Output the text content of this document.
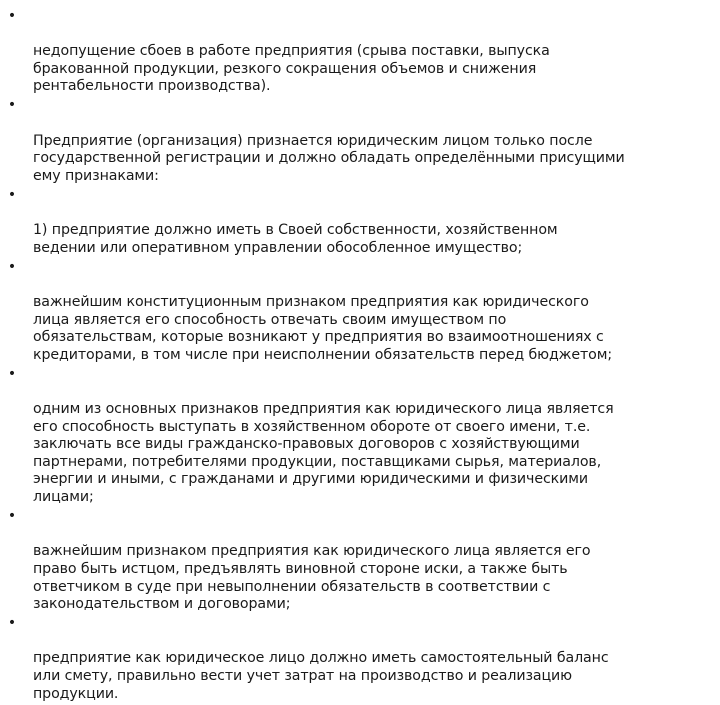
•

недопущение сбоев в работе предприятия (срыва поставки, выпуска
бракованной продукции, резкого сокращения объемов и снижения
рентабельности производства).

•

Предприятие (организация) признается юридическим лицом только после
государственной регистрации и должно обладать определёнными присущими
ему признаками:

•

1) предприятие должно иметь в Своей собственности, хозяйственном
ведении или оперативном управлении обособленное имущество;

•

важнейшим конституционным признаком предприятия как юридического
лица является его способность отвечать своим имуществом по
обязательствам, которые возникают у предприятия во взаимоотношениях с
кредиторами, в том числе при неисполнении обязательств перед бюджетом;

•

одним из основных признаков предприятия как юридического лица является
его способность выступать в хозяйственном обороте от своего имени, т.е.
заключать все виды гражданско-правовых договоров с хозяйствующими
партнерами, потребителями продукции, поставщиками сырья, материалов,
энергии и иными, с гражданами и другими юридическими и физическими
лицами;

•

важнейшим признаком предприятия как юридического лица является его
право быть истцом, предъявлять виновной стороне иски, а также быть
ответчиком в суде при невыполнении обязательств в соответствии с
законодательством и договорами;

•

предприятие как юридическое лицо должно иметь самостоятельный баланс
или смету, правильно вести учет затрат на производство и реализацию
продукции.
